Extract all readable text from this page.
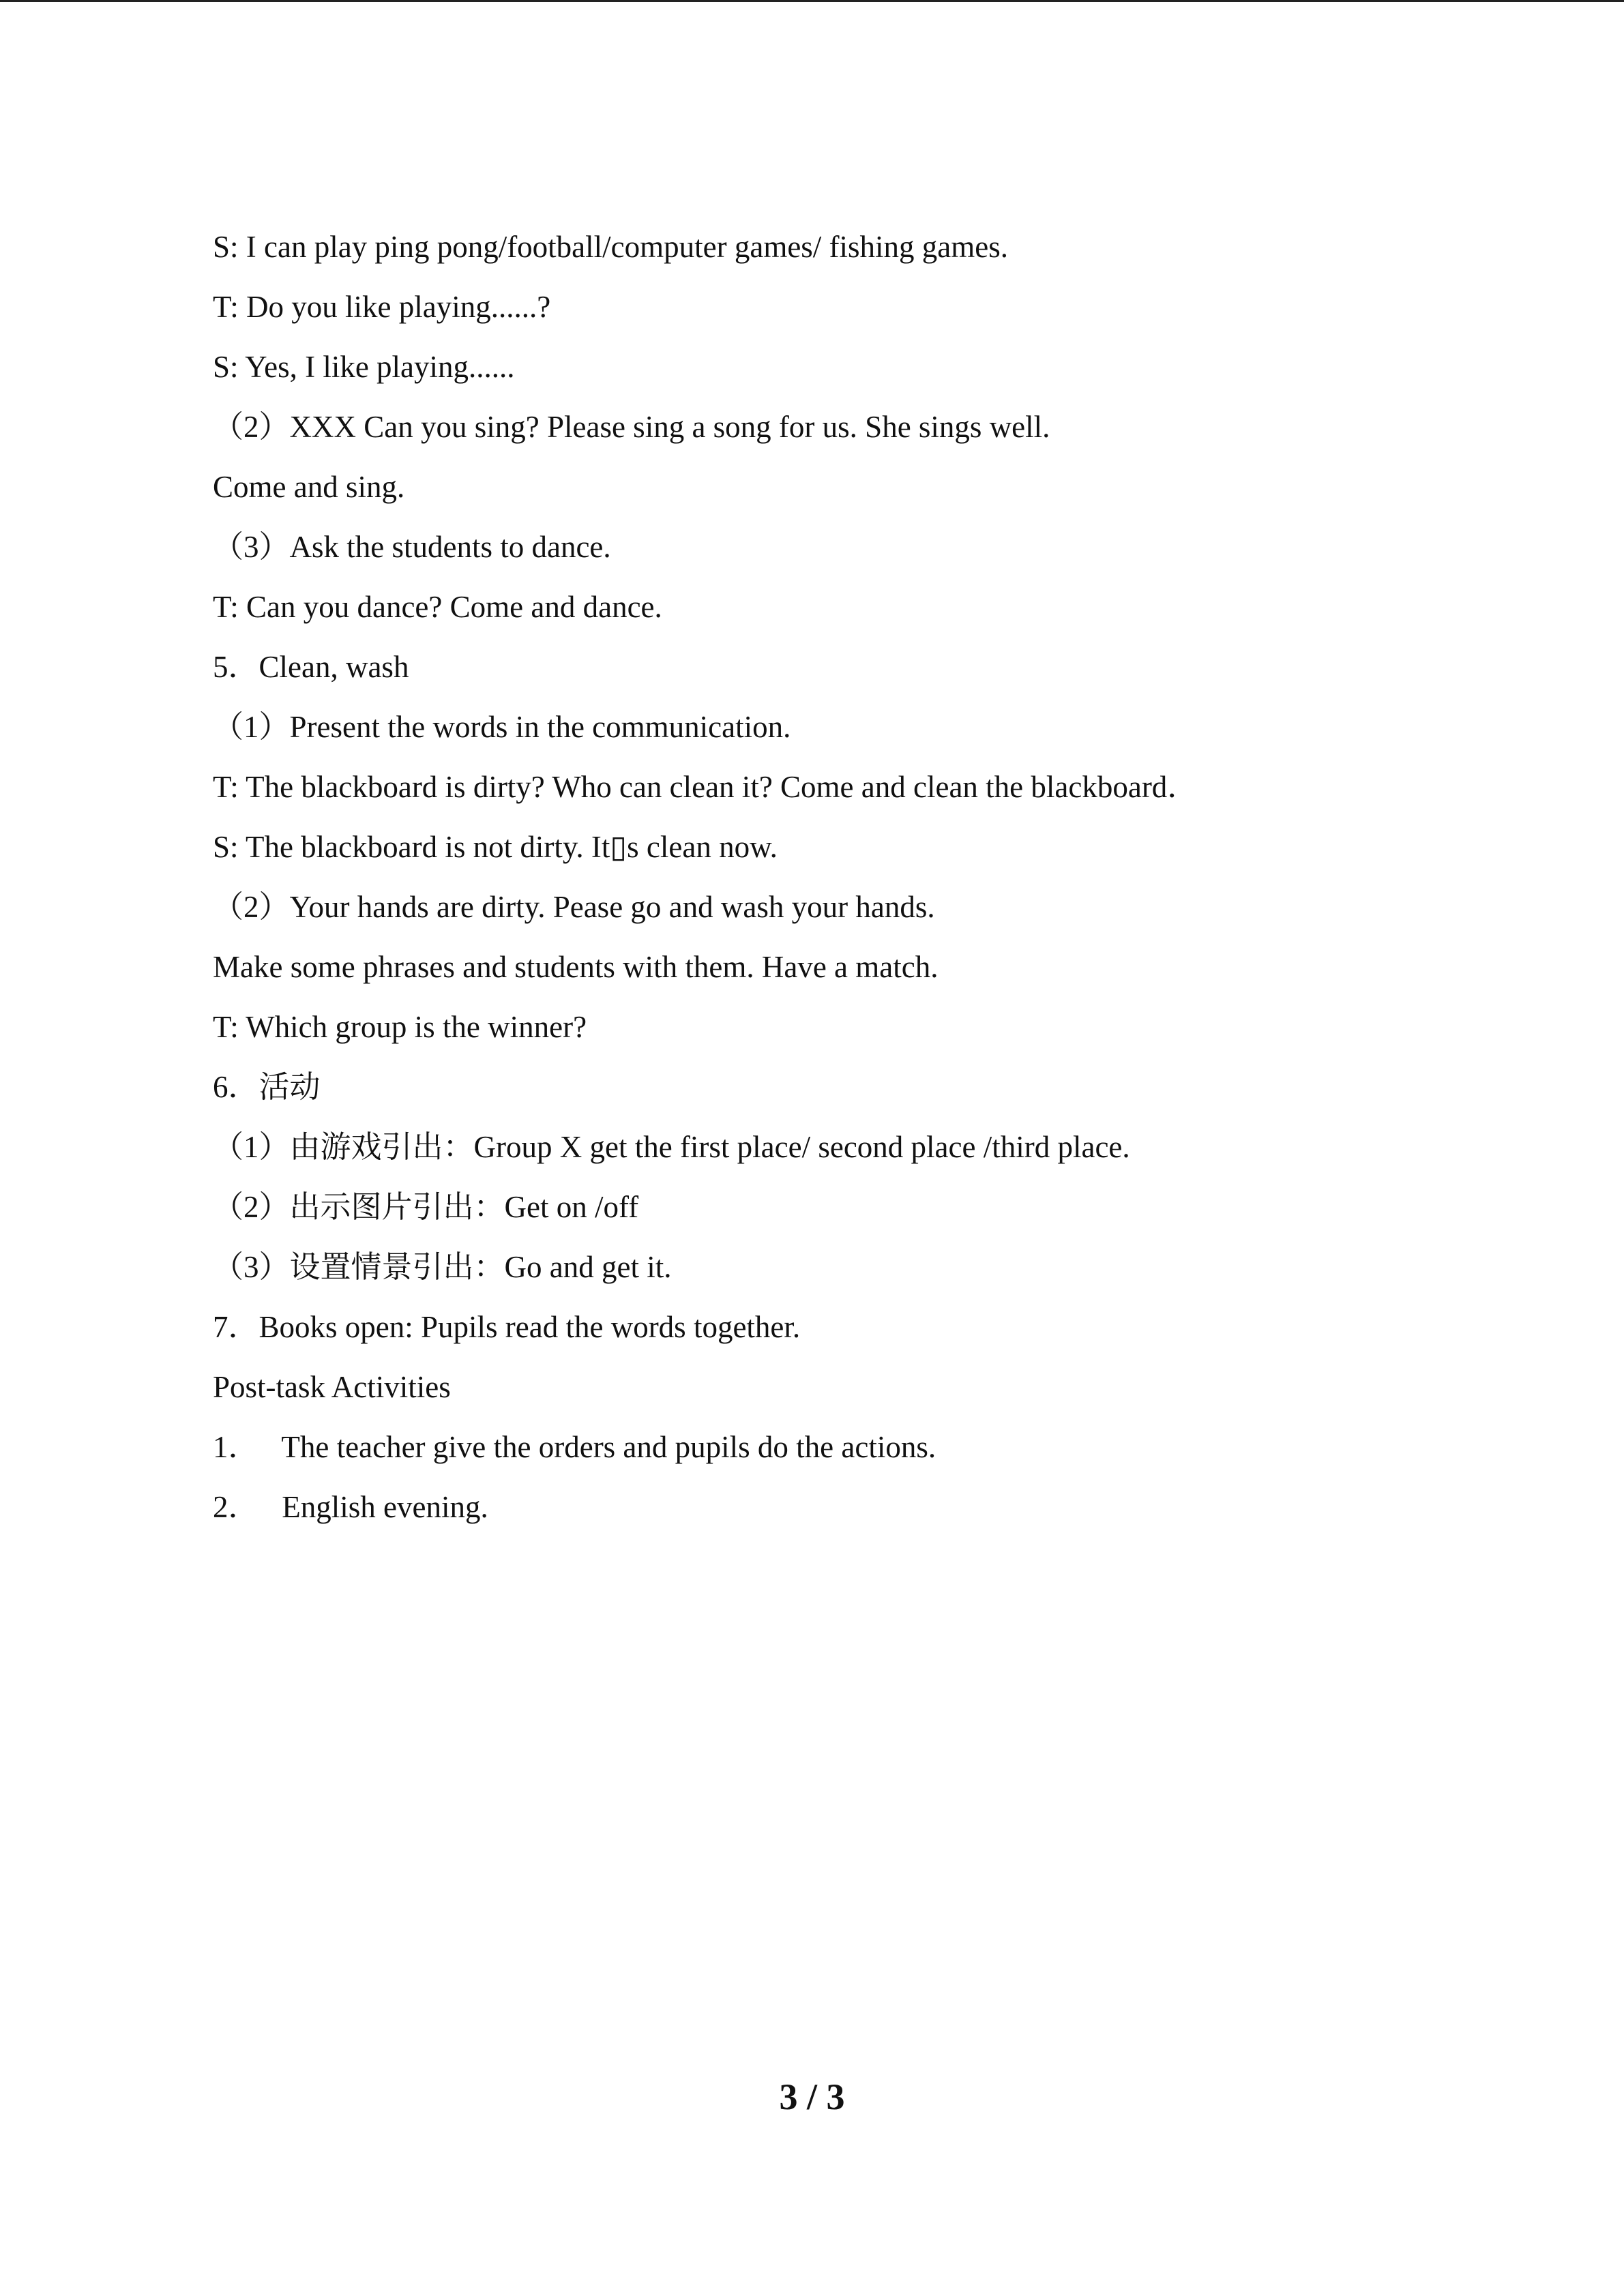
S: I can play ping pong/football/computer games/ fishing games.

T: Do you like playing......?

S: Yes, I like playing......

（2）XXX Can you sing? Please sing a song for us. She sings well.

Come and sing.

（3）Ask the students to dance.

T: Can you dance? Come and dance.

5．Clean, wash

（1）Present the words in the communication.

T: The blackboard is dirty? Who can clean it? Come and clean the blackboard．

S: The blackboard is not dirty. It▯s clean now.

（2）Your hands are dirty. Pease go and wash your hands.

Make some phrases and students with them. Have a match.

T: Which group is the winner?

6．活动

（1）由游戏引出：Group X get the first place/ second place /third place.

（2）出示图片引出：Get on /off

（3）设置情景引出：Go and get it.

7．Books open: Pupils read the words together.

Post-task Activities

1．   The teacher give the orders and pupils do the actions.

2．   English evening.

3 / 3
